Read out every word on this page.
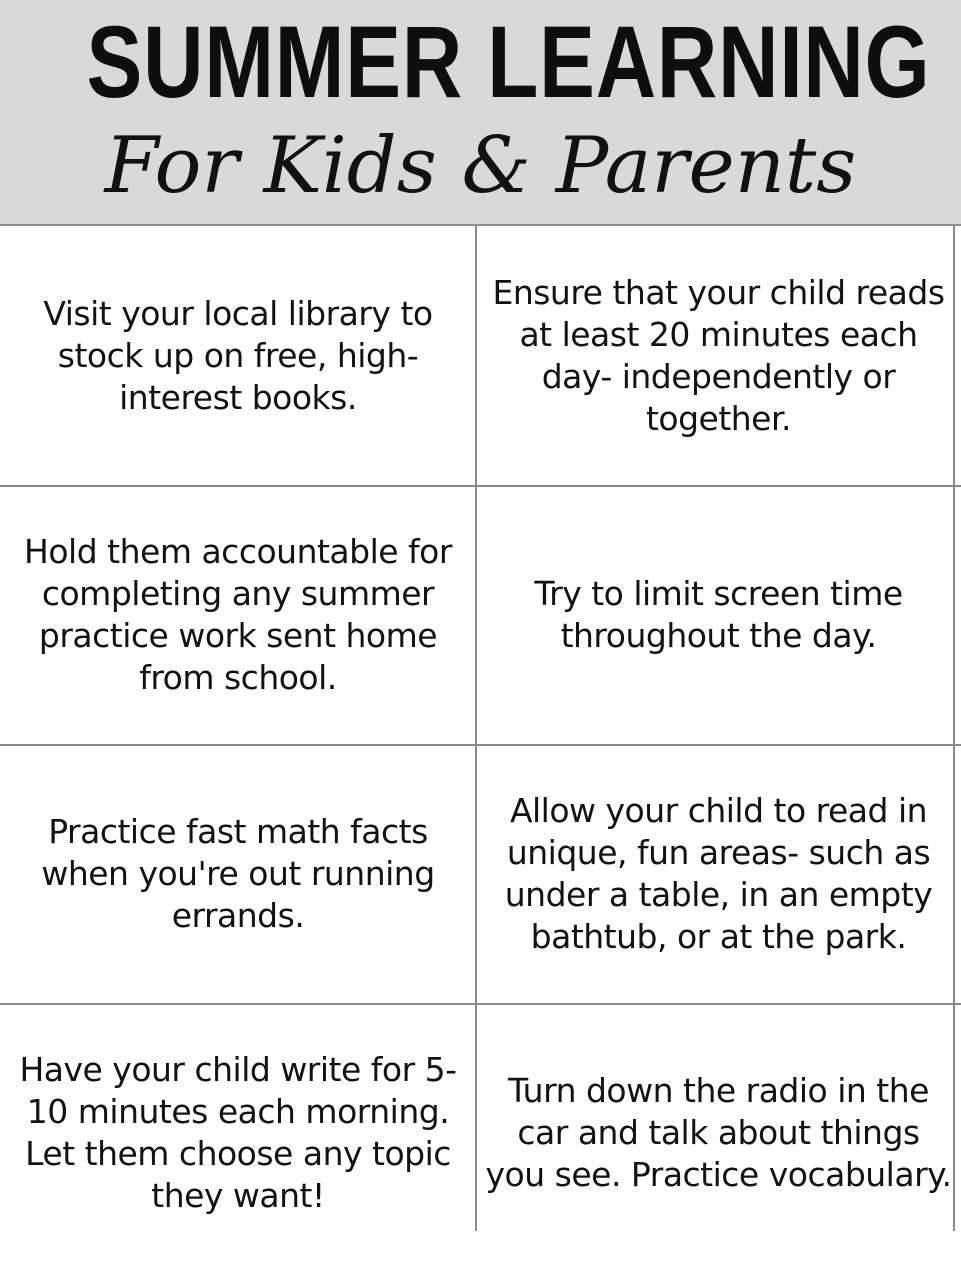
SUMMER LEARNING
For Kids & Parents
Visit your local library to stock up on free, high-interest books.
Ensure that your child reads at least 20 minutes each day- independently or together.
Hold them accountable for completing any summer practice work sent home from school.
Try to limit screen time throughout the day.
Practice fast math facts when you're out running errands.
Allow your child to read in unique, fun areas- such as under a table, in an empty bathtub, or at the park.
Have your child write for 5-10 minutes each morning. Let them choose any topic they want!
Turn down the radio in the car and talk about things you see. Practice vocabulary.
